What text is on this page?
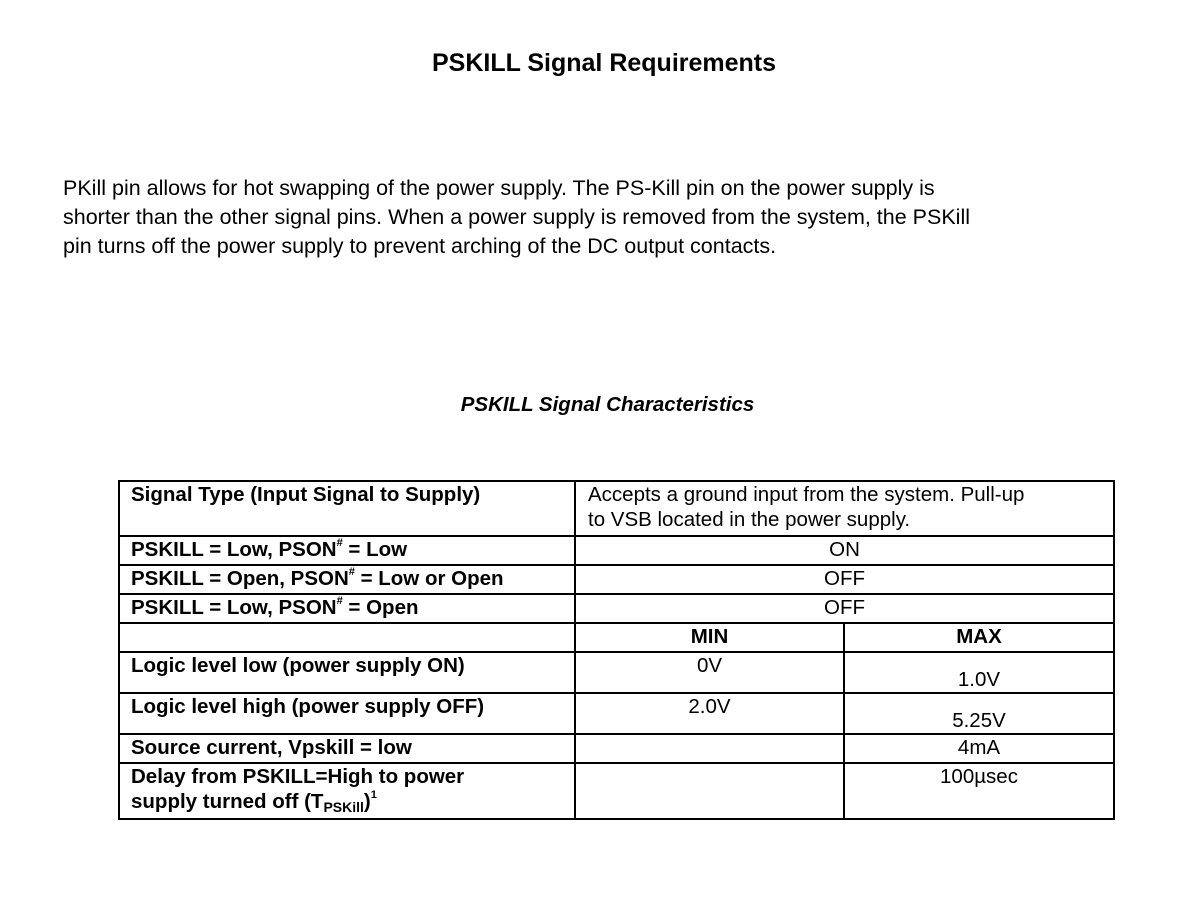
PSKILL Signal Requirements

PKill pin allows for hot swapping of the power supply. The PS-Kill pin on the power supply is
shorter than the other signal pins. When a power supply is removed from the system, the PSKill
pin turns off the power supply to prevent arching of the DC output contacts.

PSKILL Signal Characteristics

Signal Type (Input Signal to Supply)	Accepts a ground input from the system. Pull-up
to VSB located in the power supply.	

PSKILL = Low, PSON# = Low	ON	
PSKILL = Open, PSON# = Low or Open	OFF	
PSKILL = Low, PSON# = Open	OFF	
	MIN	MAX
Logic level low (power supply ON)	0V	1.0V
Logic level high (power supply OFF)	2.0V	5.25V
Source current, Vpskill = low		4mA

Delay from PSKILL=High to power
supply turned off $(T_{PSKill})^1$		100µsec
